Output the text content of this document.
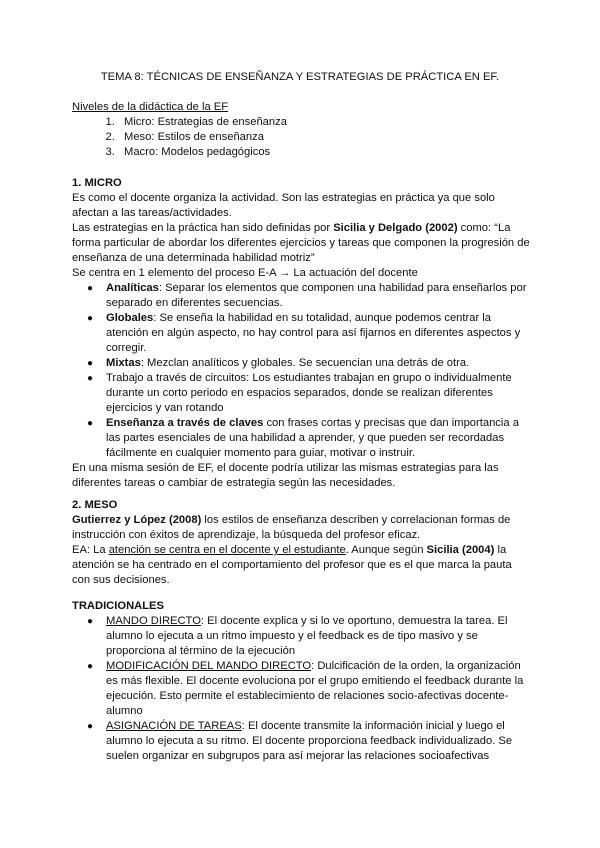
TEMA 8: TÉCNICAS DE ENSEÑANZA Y ESTRATEGIAS DE PRÁCTICA EN EF.

Niveles de la didáctica de la EF

1. Micro: Estrategias de enseñanza
2. Meso: Estilos de enseñanza
3. Macro: Modelos pedagógicos

1. MICRO

Es como el docente organiza la actividad. Son las estrategias en práctica ya que solo afectan a las tareas/actividades.

Las estrategias en la práctica han sido definidas por Sicilia y Delgado (2002) como: “La forma particular de abordar los diferentes ejercicios y tareas que componen la progresión de enseñanza de una determinada habilidad motriz”

Se centra en 1 elemento del proceso E-A → La actuación del docente

● Analíticas: Separar los elementos que componen una habilidad para enseñarlos por separado en diferentes secuencias.
● Globales: Se enseña la habilidad en su totalidad, aunque podemos centrar la atención en algún aspecto, no hay control para así fijarnos en diferentes aspectos y corregir.
● Mixtas: Mezclan analíticos y globales. Se secuencian una detrás de otra.
● Trabajo a través de circuitos: Los estudiantes trabajan en grupo o individualmente durante un corto periodo en espacios separados, donde se realizan diferentes ejercicios y van rotando
● Enseñanza a través de claves con frases cortas y precisas que dan importancia a las partes esenciales de una habilidad a aprender, y que pueden ser recordadas fácilmente en cualquier momento para guiar, motivar o instruir.

En una misma sesión de EF, el docente podría utilizar las mismas estrategias para las diferentes tareas o cambiar de estrategia según las necesidades.

2. MESO

Gutierrez y López (2008) los estilos de enseñanza describen y correlacionan formas de instrucción con éxitos de aprendizaje, la búsqueda del profesor eficaz.

EA: La atención se centra en el docente y el estudiante. Aunque según Sicilia (2004) la atención se ha centrado en el comportamiento del profesor que es el que marca la pauta con sus decisiones.

TRADICIONALES

● MANDO DIRECTO: El docente explica y si lo ve oportuno, demuestra la tarea. El alumno lo ejecuta a un ritmo impuesto y el feedback es de tipo masivo y se proporciona al término de la ejecución
● MODIFICACIÓN DEL MANDO DIRECTO: Dulcificación de la orden, la organización es más flexible. El docente evoluciona por el grupo emitiendo el feedback durante la ejecución. Esto permite el establecimiento de relaciones socio-afectivas docente-alumno
● ASIGNACIÓN DE TAREAS: El docente transmite la información inicial y luego el alumno lo ejecuta a su ritmo. El docente proporciona feedback individualizado. Se suelen organizar en subgrupos para así mejorar las relaciones socioafectivas
